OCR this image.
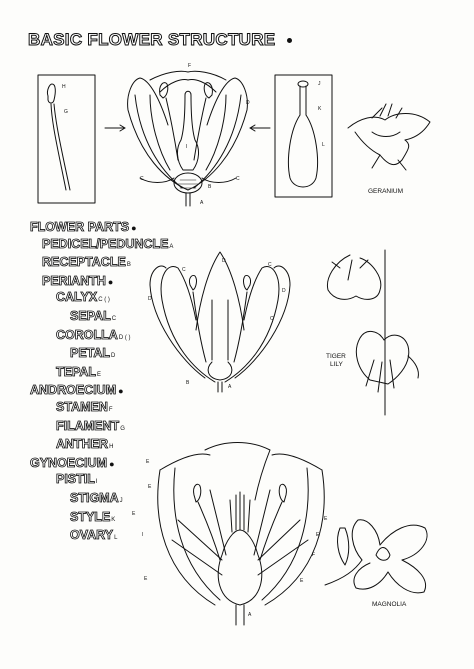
BASIC FLOWER STRUCTURE
FLOWER PARTS ●
PEDICEL/PEDUNCLEA
RECEPTACLEB
PERIANTH ●
CALYXC ( )
SEPALC
COROLLAD ( )
PETALD
TEPALE
ANDROECIUM ●
STAMENF
FILAMENTG
ANTHERH
GYNOECIUM ●
PISTILI
STIGMAJ
STYLEK
OVARYL
F
H
G
D
I
C	C
B
A
J
K
L
D
C
C
D
D
C
B
A
E
E
E
I
E
E
F
E	E
A
GERANIUM
TIGER
LILY
MAGNOLIA
